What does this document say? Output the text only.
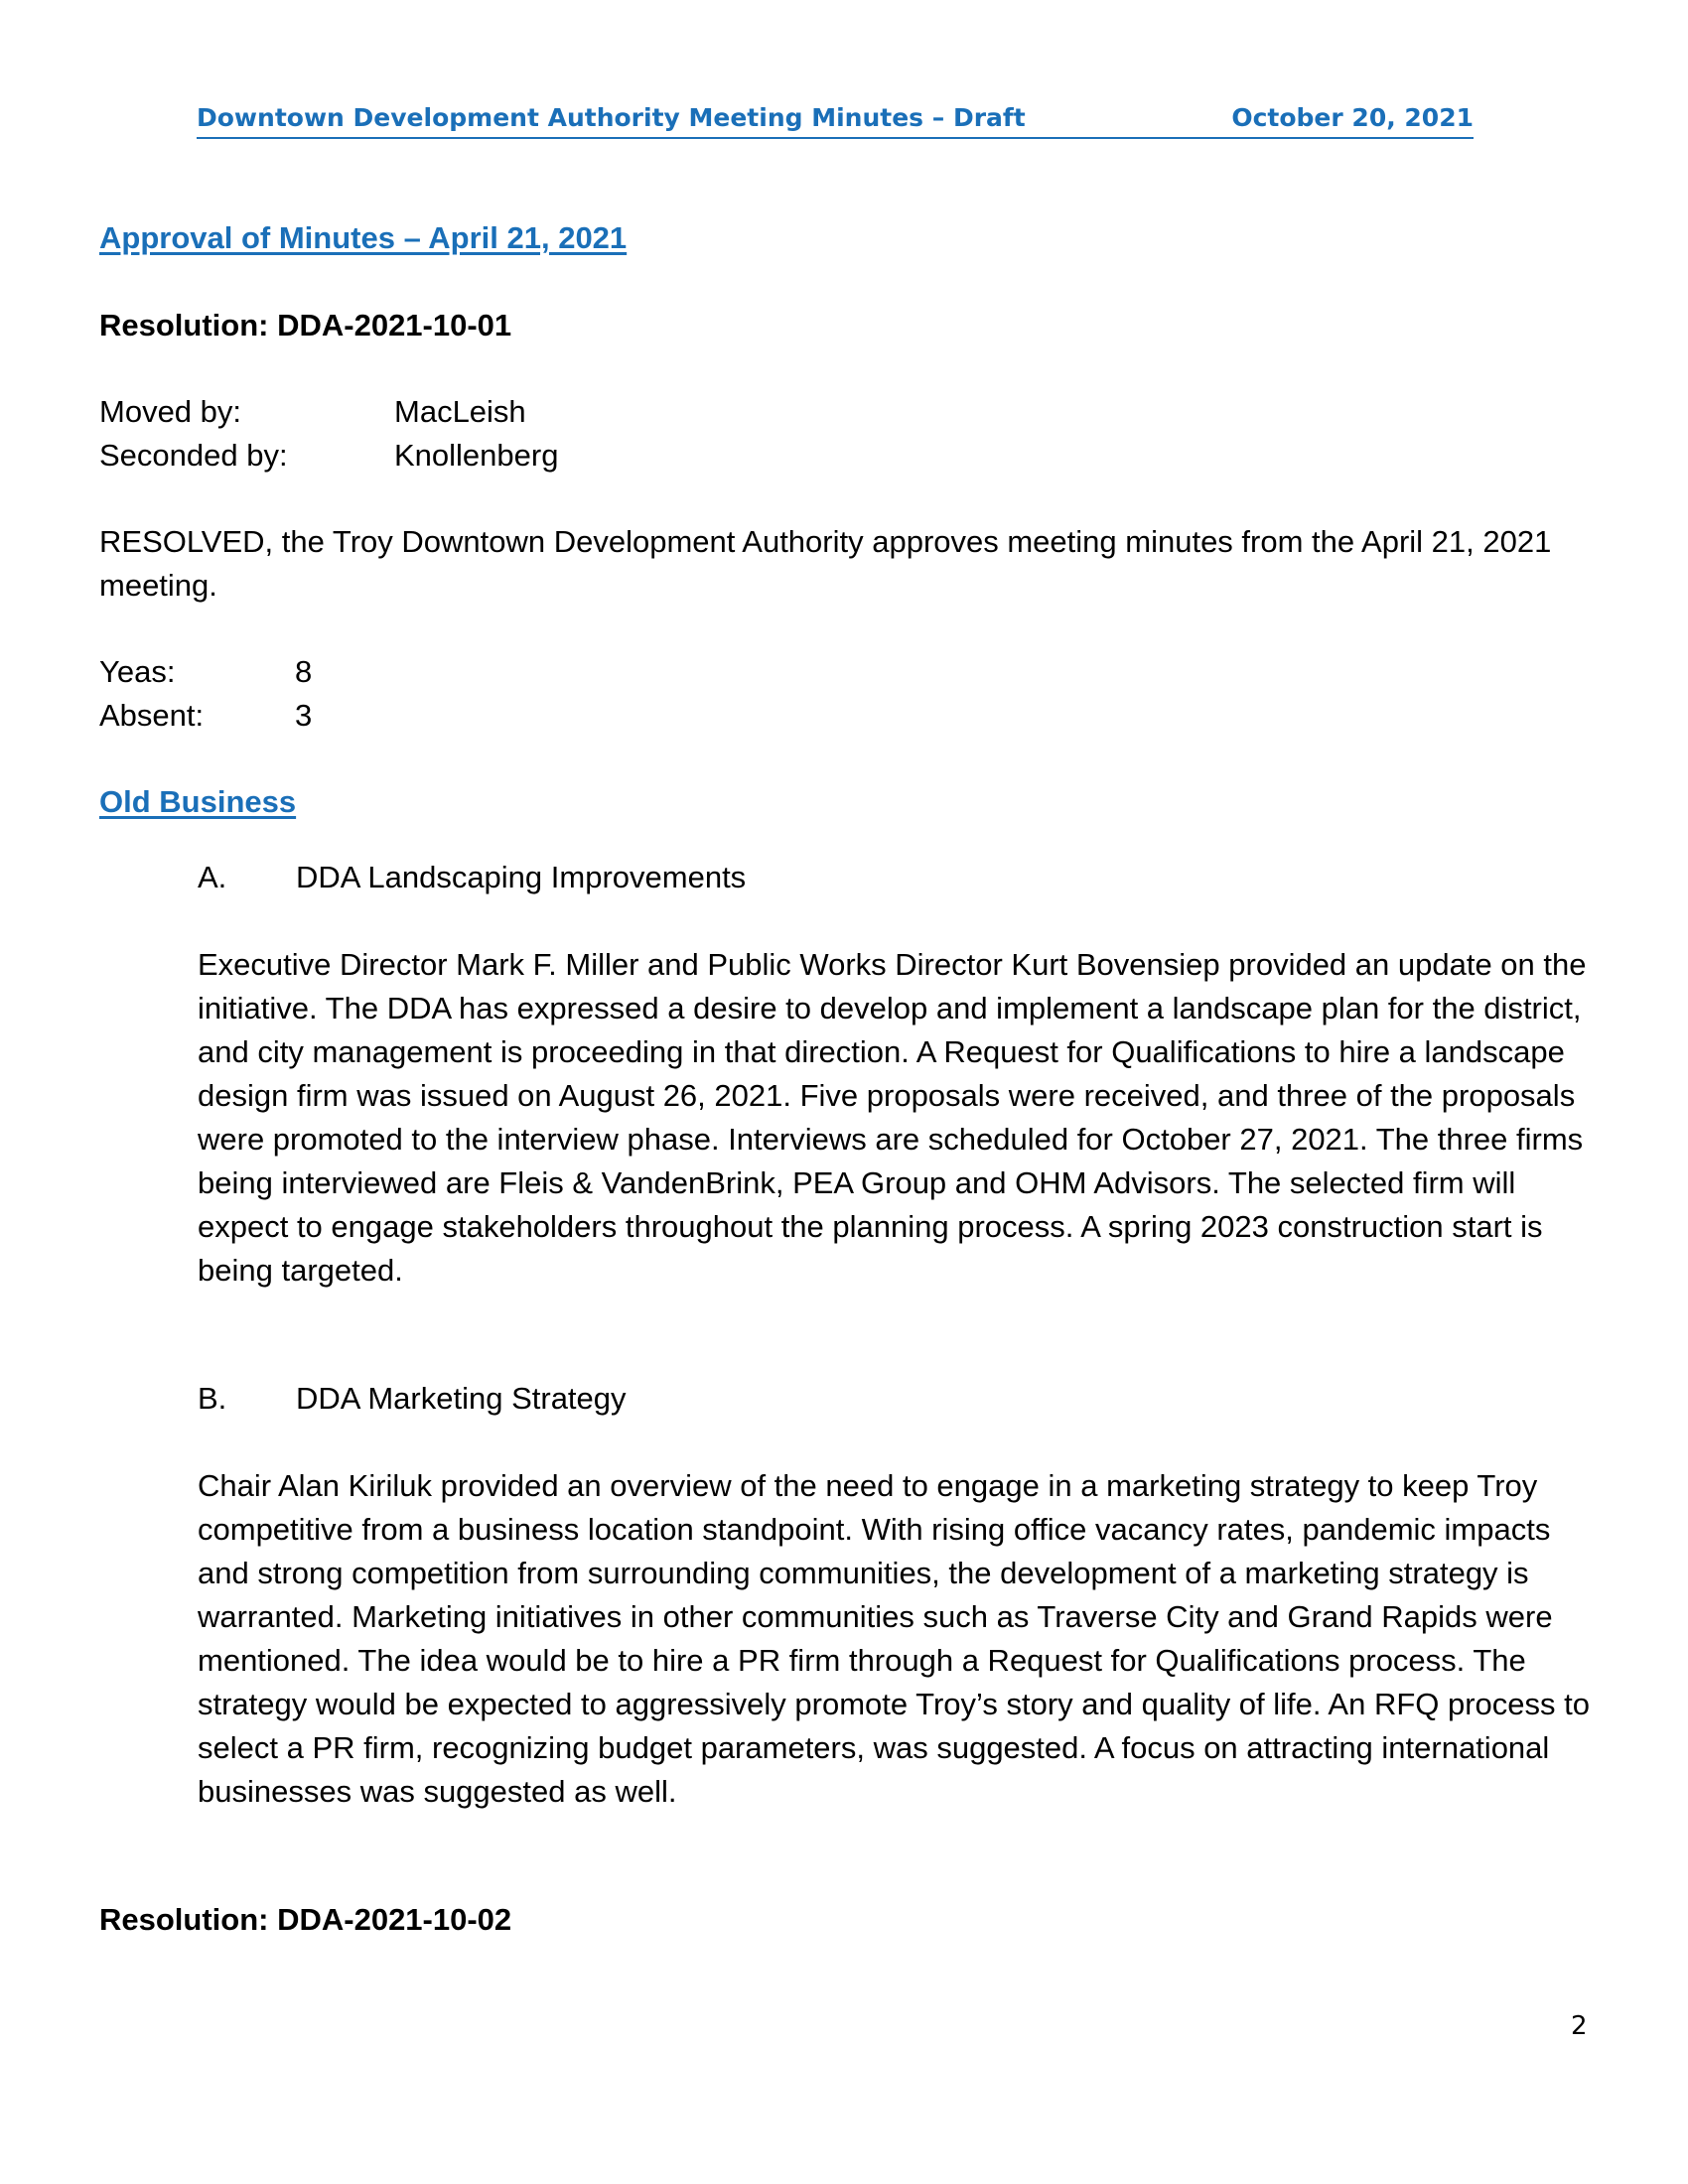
Downtown Development Authority Meeting Minutes – Draft	October 20, 2021
Approval of Minutes – April 21, 2021
Resolution: DDA-2021-10-01
Moved by:	MacLeish
Seconded by:	Knollenberg

RESOLVED, the Troy Downtown Development Authority approves meeting minutes from the April 21, 2021 meeting.

Yeas:	8
Absent:	3
Old Business
A. DDA Landscaping Improvements

Executive Director Mark F. Miller and Public Works Director Kurt Bovensiep provided an update on the initiative. The DDA has expressed a desire to develop and implement a landscape plan for the district, and city management is proceeding in that direction. A Request for Qualifications to hire a landscape design firm was issued on August 26, 2021. Five proposals were received, and three of the proposals were promoted to the interview phase. Interviews are scheduled for October 27, 2021. The three firms being interviewed are Fleis & VandenBrink, PEA Group and OHM Advisors. The selected firm will expect to engage stakeholders throughout the planning process. A spring 2023 construction start is being targeted.

B. DDA Marketing Strategy

Chair Alan Kiriluk provided an overview of the need to engage in a marketing strategy to keep Troy competitive from a business location standpoint. With rising office vacancy rates, pandemic impacts and strong competition from surrounding communities, the development of a marketing strategy is warranted. Marketing initiatives in other communities such as Traverse City and Grand Rapids were mentioned. The idea would be to hire a PR firm through a Request for Qualifications process. The strategy would be expected to aggressively promote Troy’s story and quality of life. An RFQ process to select a PR firm, recognizing budget parameters, was suggested. A focus on attracting international businesses was suggested as well.

Resolution: DDA-2021-10-02
2
